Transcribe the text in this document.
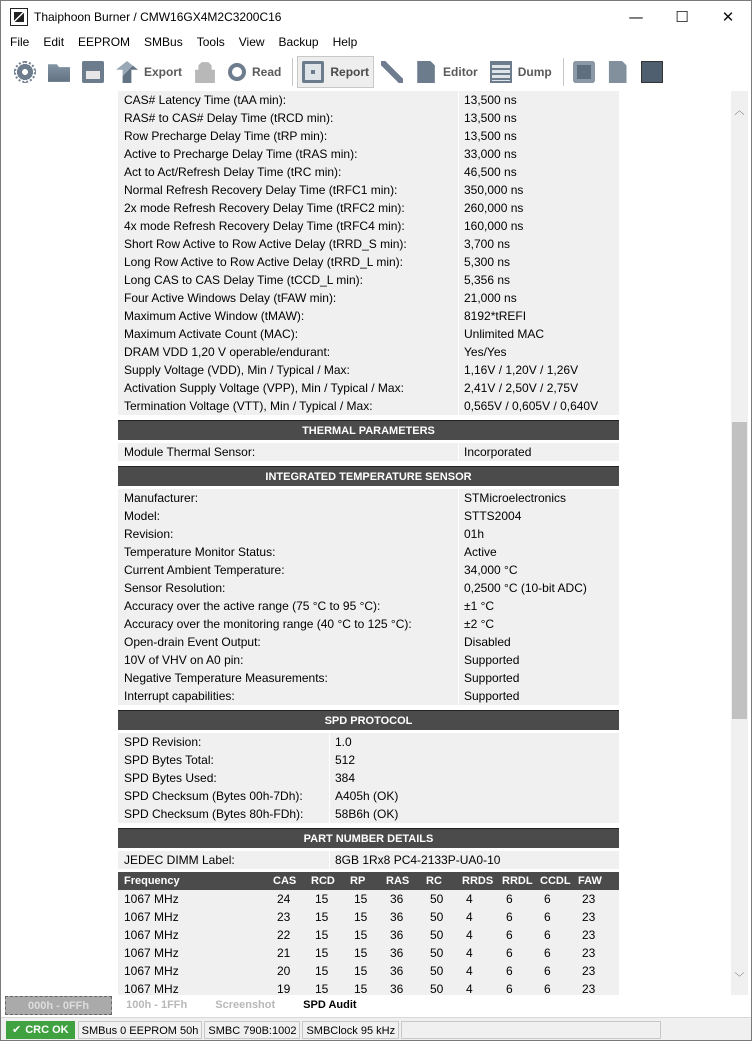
Thaiphoon Burner / CMW16GX4M2C3200C16	—	☐	✕
File	Edit	EEPROM	SMBus	Tools	View	Backup	Help
Export	Read	Report	Editor	Dump
CAS# Latency Time (tAA min):	13,500 ns
RAS# to CAS# Delay Time (tRCD min):	13,500 ns
Row Precharge Delay Time (tRP min):	13,500 ns
Active to Precharge Delay Time (tRAS min):	33,000 ns
Act to Act/Refresh Delay Time (tRC min):	46,500 ns
Normal Refresh Recovery Delay Time (tRFC1 min):	350,000 ns
2x mode Refresh Recovery Delay Time (tRFC2 min):	260,000 ns
4x mode Refresh Recovery Delay Time (tRFC4 min):	160,000 ns
Short Row Active to Row Active Delay (tRRD_S min):	3,700 ns
Long Row Active to Row Active Delay (tRRD_L min):	5,300 ns
Long CAS to CAS Delay Time (tCCD_L min):	5,356 ns
Four Active Windows Delay (tFAW min):	21,000 ns
Maximum Active Window (tMAW):	8192*tREFI
Maximum Activate Count (MAC):	Unlimited MAC
DRAM VDD 1,20 V operable/endurant:	Yes/Yes
Supply Voltage (VDD), Min / Typical / Max:	1,16V / 1,20V / 1,26V
Activation Supply Voltage (VPP), Min / Typical / Max:	2,41V / 2,50V / 2,75V
Termination Voltage (VTT), Min / Typical / Max:	0,565V / 0,605V / 0,640V
THERMAL PARAMETERS
Module Thermal Sensor:	Incorporated
INTEGRATED TEMPERATURE SENSOR
Manufacturer:	STMicroelectronics
Model:	STTS2004
Revision:	01h
Temperature Monitor Status:	Active
Current Ambient Temperature:	34,000 °C
Sensor Resolution:	0,2500 °C (10-bit ADC)
Accuracy over the active range (75 °C to 95 °C):	±1 °C
Accuracy over the monitoring range (40 °C to 125 °C):	±2 °C
Open-drain Event Output:	Disabled
10V of VHV on A0 pin:	Supported
Negative Temperature Measurements:	Supported
Interrupt capabilities:	Supported
SPD PROTOCOL
SPD Revision:	1.0
SPD Bytes Total:	512
SPD Bytes Used:	384
SPD Checksum (Bytes 00h-7Dh):	A405h (OK)
SPD Checksum (Bytes 80h-FDh):	58B6h (OK)
PART NUMBER DETAILS
JEDEC DIMM Label:	8GB 1Rx8 PC4-2133P-UA0-10
Frequency	CAS	RCD	RP	RAS	RC	RRDS RRDL CCDL FAW
1067 MHz	24	15	15	36	50	4	6	6	23
1067 MHz	23	15	15	36	50	4	6	6	23
1067 MHz	22	15	15	36	50	4	6	6	23
1067 MHz	21	15	15	36	50	4	6	6	23
1067 MHz	20	15	15	36	50	4	6	6	23
1067 MHz	19	15	15	36	50	4	6	6	23
︿
﹀
000h - 0FFh	100h - 1FFh	Screenshot	SPD Audit
✔ CRC OK	SMBus 0 EEPROM 50h SMBC 790B:1002 SMBClock 95 kHz
